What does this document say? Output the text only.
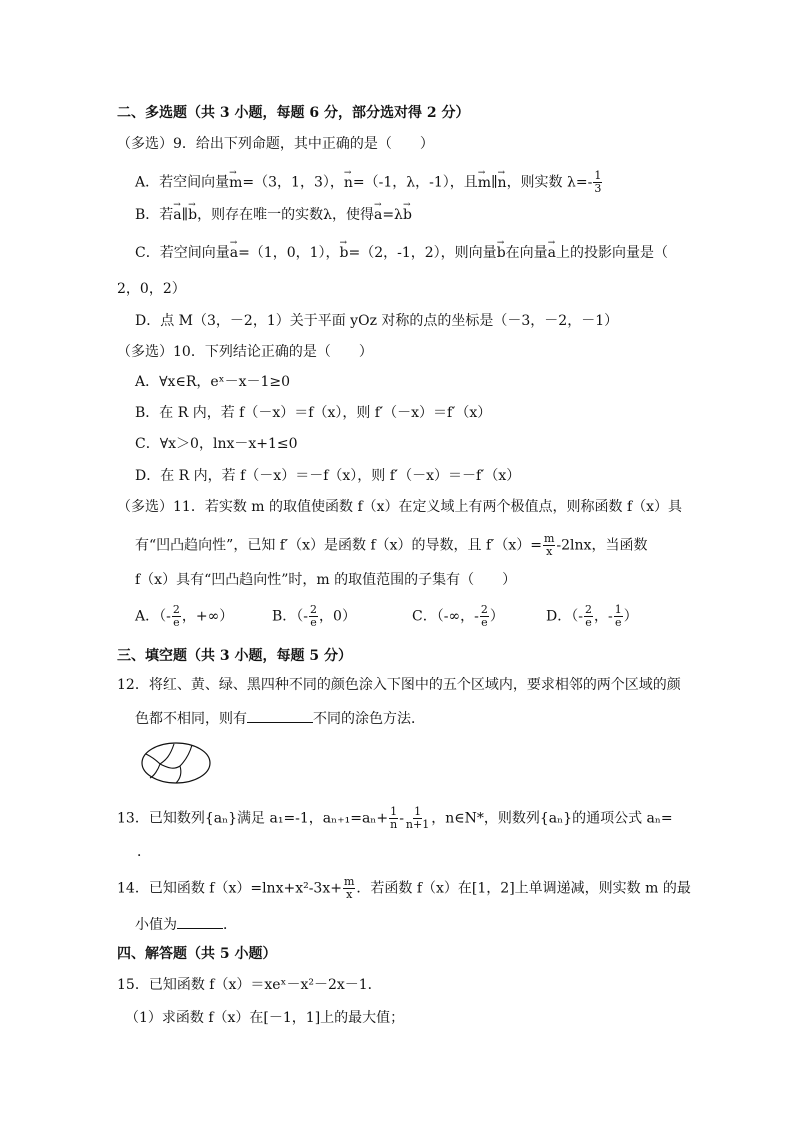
二、多选题（共 3 小题，每题 6 分，部分选对得 2 分）
（多选）9．给出下列命题，其中正确的是（　　）
A．若空间向量→ m=（3，1，3），→ n=（-1，λ，-1），且→ m∥→ n，则实数 $\lambda=- \frac{1}{3}$
B．若→ a∥→ b，则存在唯一的实数λ，使得→ a=λ→ b
C．若空间向量→ a=（1，0，1），→ b=（2，-1，2），则向量→ b在向量→ a上的投影向量是（
2，0，2）
D．点 M（3，－2，1）关于平面 yOz 对称的点的坐标是（－3，－2，－1）
（多选）10．下列结论正确的是（　　）
A．∀x∈R，eˣ－x－1≥0
B．在 R 内，若 f（－x）＝f（x），则 f′（－x）＝f′（x）
C．∀x＞0，lnx－x+1≤0
D．在 R 内，若 f（－x）＝－f（x），则 f′（－x）＝－f′（x）
（多选）11．若实数 m 的取值使函数 f（x）在定义域上有两个极值点，则称函数 f（x）具
有“凹凸趋向性”，已知 f′（x）是函数 f（x）的导数，且 $f'(x)= \frac{m}{x} -2\ln x$，当函数
f（x）具有“凹凸趋向性”时，m 的取值范围的子集有（　　）
A．（- $\frac{2}{e}$ ，+∞）	B．（- $\frac{2}{e}$ ，0）	C．（-∞，- $\frac{2}{e}$ ）	D．（- $\frac{2}{e}$ ，- $\frac{1}{e}$ ）
三、填空题（共 3 小题，每题 5 分）
12．将红、黄、绿、黑四种不同的颜色涂入下图中的五个区域内，要求相邻的两个区域的颜
色都不相同，则有	不同的涂色方法．
13．已知数列{aₙ}满足 a₁=-1，$a_{n+1}=a_n+ \frac{1}{n} - \frac{1}{n+1}$ ，n∈N*，则数列{aₙ}的通项公式 aₙ=
．
14．已知函数 $f(x)=\ln x+x^2-3x+ \frac{m}{x}$ ．若函数 f（x）在[1，2]上单调递减，则实数 m 的最
小值为	．
四、解答题（共 5 小题）
15．已知函数 f（x）＝xeˣ－x²－2x－1．
（1）求函数 f（x）在[－1，1]上的最大值；
